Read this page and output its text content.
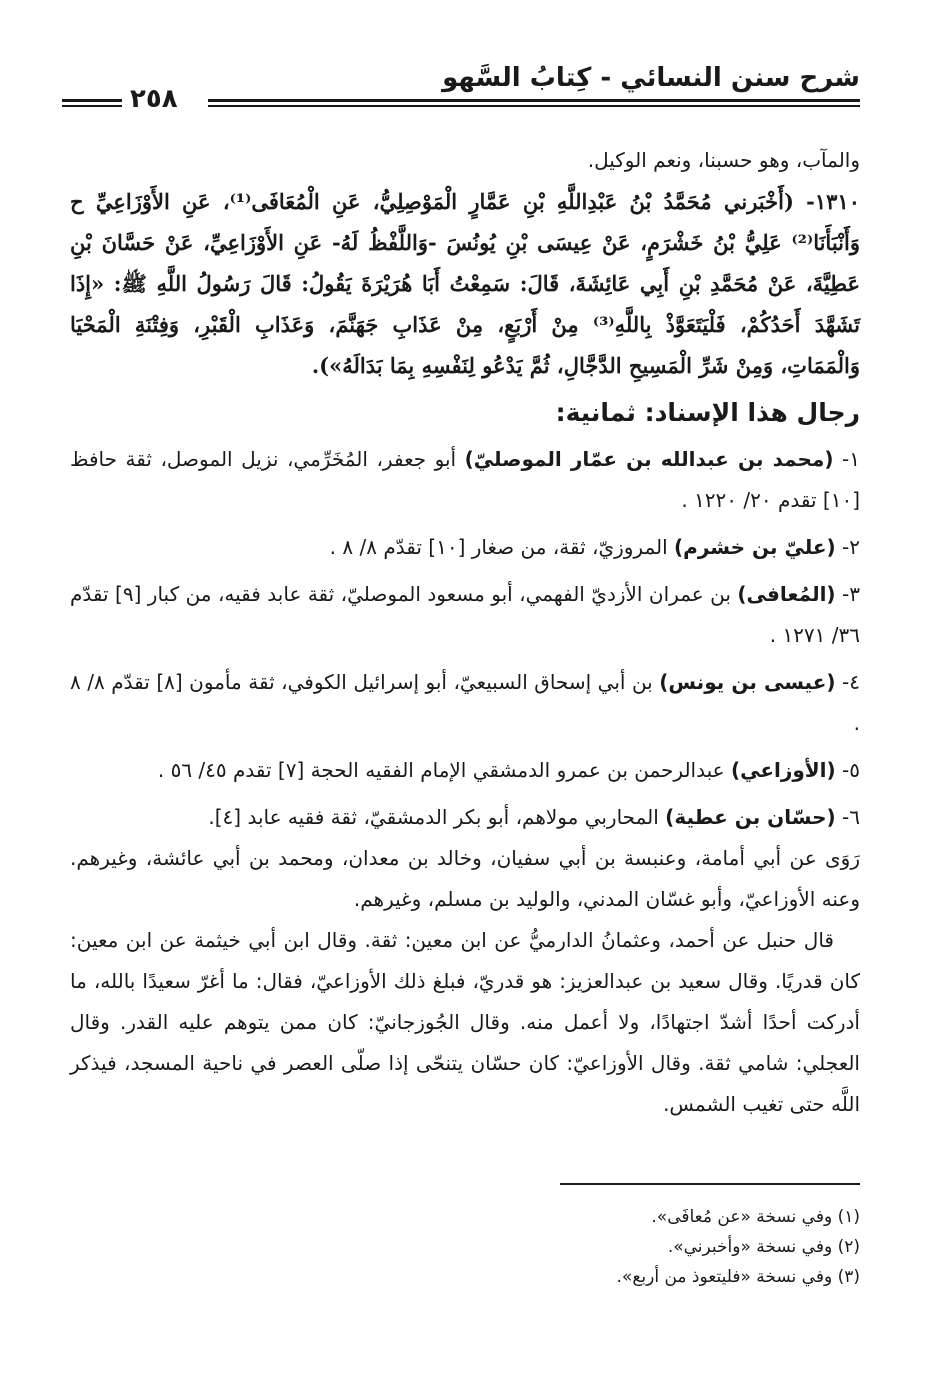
شرح سنن النسائي - كِتابُ السَّهو
٢٥٨

والمآب، وهو حسبنا، ونعم الوكيل.

١٣١٠- (أَخْبَرني مُحَمَّدُ بْنُ عَبْدِاللَّهِ بْنِ عَمَّارٍ الْمَوْصِلِيُّ، عَنِ الْمُعَافَى⁽¹⁾، عَنِ الأَوْزَاعِيِّ ح وَأَنْبَأَنَا⁽²⁾ عَلِيُّ بْنُ خَشْرَمٍ، عَنْ عِيسَى بْنِ يُونُسَ -وَاللَّفْظُ لَهُ- عَنِ الأَوْزَاعِيِّ، عَنْ حَسَّانَ بْنِ عَطِيَّةَ، عَنْ مُحَمَّدِ بْنِ أَبِي عَائِشَةَ، قَالَ: سَمِعْتُ أَبَا هُرَيْرَةَ يَقُولُ: قَالَ رَسُولُ اللَّهِ ﷺ: «إِذَا تَشَهَّدَ أَحَدُكُمْ، فَلْيَتَعَوَّذْ بِاللَّهِ⁽³⁾ مِنْ أَرْبَعٍ، مِنْ عَذَابِ جَهَنَّمَ، وَعَذَابِ الْقَبْرِ، وَفِتْنَةِ الْمَحْيَا وَالْمَمَاتِ، وَمِنْ شَرِّ الْمَسِيحِ الدَّجَّالِ، ثُمَّ يَدْعُو لِنَفْسِهِ بِمَا بَدَالَهُ»).

رجال هذا الإسناد: ثمانية:

١- (محمد بن عبدالله بن عمّار الموصليّ) أبو جعفر، المُخَرِّمي، نزيل الموصل، ثقة حافظ [١٠] تقدم ٢٠/ ١٢٢٠ .

٢- (عليّ بن خشرم) المروزيّ، ثقة، من صغار [١٠] تقدّم ٨/ ٨ .

٣- (المُعافى) بن عمران الأزديّ الفهمي، أبو مسعود الموصليّ، ثقة عابد فقيه، من كبار [٩] تقدّم ٣٦/ ١٢٧١ .

٤- (عيسى بن يونس) بن أبي إسحاق السبيعيّ، أبو إسرائيل الكوفي، ثقة مأمون [٨] تقدّم ٨/ ٨ .

٥- (الأوزاعي) عبدالرحمن بن عمرو الدمشقي الإمام الفقيه الحجة [٧] تقدم ٤٥/ ٥٦ .

٦- (حسّان بن عطية) المحاربي مولاهم، أبو بكر الدمشقيّ، ثقة فقيه عابد [٤].

رَوَى عن أبي أمامة، وعنبسة بن أبي سفيان، وخالد بن معدان، ومحمد بن أبي عائشة، وغيرهم. وعنه الأوزاعيّ، وأبو غسّان المدني، والوليد بن مسلم، وغيرهم.

قال حنبل عن أحمد، وعثمانُ الدارميُّ عن ابن معين: ثقة. وقال ابن أبي خيثمة عن ابن معين: كان قدريًا. وقال سعيد بن عبدالعزيز: هو قدريّ، فبلغ ذلك الأوزاعيّ، فقال: ما أغرّ سعيدًا بالله، ما أدركت أحدًا أشدّ اجتهادًا، ولا أعمل منه. وقال الجُوزجانيّ: كان ممن يتوهم عليه القدر. وقال العجلي: شامي ثقة. وقال الأوزاعيّ: كان حسّان يتنحّى إذا صلّى العصر في ناحية المسجد، فيذكر اللَّه حتى تغيب الشمس.

(١) وفي نسخة «عن مُعافَى».

(٢) وفي نسخة «وأخبرني».

(٣) وفي نسخة «فليتعوذ من أربع».
